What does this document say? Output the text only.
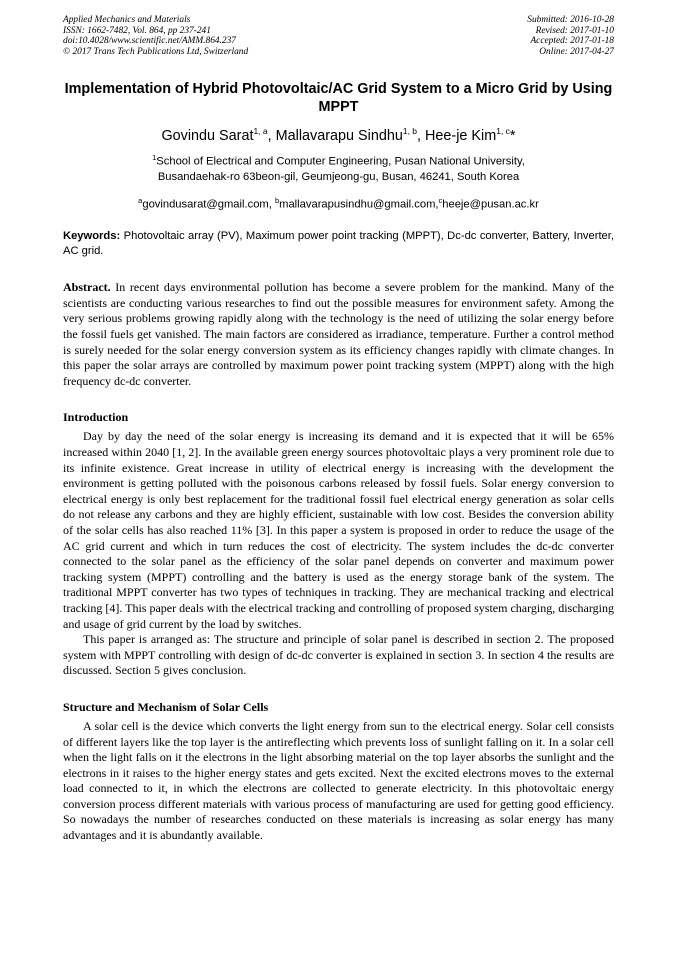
Applied Mechanics and Materials
ISSN: 1662-7482, Vol. 864, pp 237-241
doi:10.4028/www.scientific.net/AMM.864.237
© 2017 Trans Tech Publications Ltd, Switzerland
Submitted: 2016-10-28
Revised: 2017-01-10
Accepted: 2017-01-18
Online: 2017-04-27
Implementation of Hybrid Photovoltaic/AC Grid System to a Micro Grid by Using MPPT
Govindu Sarat$^{1, a}$, Mallavarapu Sindhu$^{1, b}$, Hee-je Kim$^{1, c}$*
$^1$School of Electrical and Computer Engineering, Pusan National University,
Busandaehak-ro 63beon-gil, Geumjeong-gu, Busan, 46241, South Korea
$^a$govindusarat@gmail.com, $^b$mallavarapusindhu@gmail.com,$^c$heeje@pusan.ac.kr
Keywords: Photovoltaic array (PV), Maximum power point tracking (MPPT), Dc-dc converter, Battery, Inverter, AC grid.
Abstract. In recent days environmental pollution has become a severe problem for the mankind. Many of the scientists are conducting various researches to find out the possible measures for environment safety. Among the very serious problems growing rapidly along with the technology is the need of utilizing the solar energy before the fossil fuels get vanished. The main factors are considered as irradiance, temperature. Further a control method is surely needed for the solar energy conversion system as its efficiency changes rapidly with climate changes. In this paper the solar arrays are controlled by maximum power point tracking system (MPPT) along with the high frequency dc-dc converter.
Introduction

Day by day the need of the solar energy is increasing its demand and it is expected that it will be 65% increased within 2040 [1, 2]. In the available green energy sources photovoltaic plays a very prominent role due to its infinite existence. Great increase in utility of electrical energy is increasing with the development the environment is getting polluted with the poisonous carbons released by fossil fuels. Solar energy conversion to electrical energy is only best replacement for the traditional fossil fuel electrical energy generation as solar cells do not release any carbons and they are highly efficient, sustainable with low cost. Besides the conversion ability of the solar cells has also reached 11% [3]. In this paper a system is proposed in order to reduce the usage of the AC grid current and which in turn reduces the cost of electricity. The system includes the dc-dc converter connected to the solar panel as the efficiency of the solar panel depends on converter and maximum power tracking system (MPPT) controlling and the battery is used as the energy storage bank of the system. The traditional MPPT converter has two types of techniques in tracking. They are mechanical tracking and electrical tracking [4]. This paper deals with the electrical tracking and controlling of proposed system charging, discharging and usage of grid current by the load by switches.

This paper is arranged as: The structure and principle of solar panel is described in section 2. The proposed system with MPPT controlling with design of dc-dc converter is explained in section 3. In section 4 the results are discussed. Section 5 gives conclusion.

Structure and Mechanism of Solar Cells

A solar cell is the device which converts the light energy from sun to the electrical energy. Solar cell consists of different layers like the top layer is the antireflecting which prevents loss of sunlight falling on it. In a solar cell when the light falls on it the electrons in the light absorbing material on the top layer absorbs the sunlight and the electrons in it raises to the higher energy states and gets excited. Next the excited electrons moves to the external load connected to it, in which the electrons are collected to generate electricity. In this photovoltaic energy conversion process different materials with various process of manufacturing are used for getting good efficiency. So nowadays the number of researches conducted on these materials is increasing as solar energy has many advantages and it is abundantly available.
